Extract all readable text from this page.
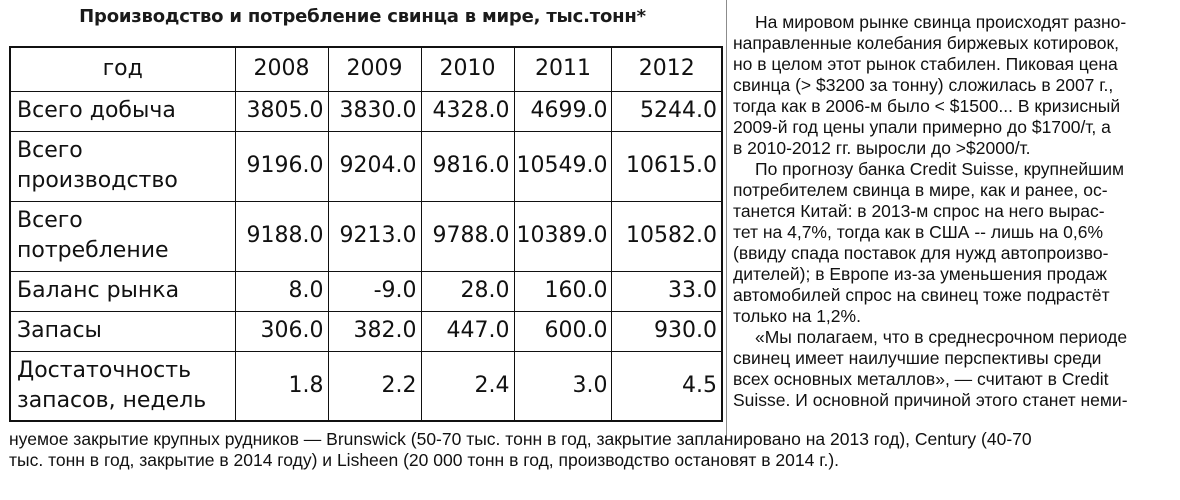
Производство и потребление свинца в мире, тыс.тонн*
год	2008	2009	2010	2011	2012

Всего добыча	3805.0	3830.0	4328.0	4699.0	5244.0

Всего
производство	9196.0	9204.0	9816.0	10549.0	10615.0

Всего
потребление	9188.0	9213.0	9788.0	10389.0	10582.0

Баланс рынка	8.0	-9.0	28.0	160.0	33.0

Запасы	306.0	382.0	447.0	600.0	930.0

Достаточность
запасов, недель	1.8	2.2	2.4	3.0	4.5
На мировом рынке свинца происходят разно-
направленные колебания биржевых котировок,
но в целом этот рынок стабилен. Пиковая цена
свинца (> $3200 за тонну) сложилась в 2007 г.,
тогда как в 2006-м было < $1500... В кризисный
2009-й год цены упали примерно до $1700/т, а
в 2010-2012 гг. выросли до >$2000/т.
По прогнозу банка Credit Suisse, крупнейшим
потребителем свинца в мире, как и ранее, ос-
танется Китай: в 2013-м спрос на него вырас-
тет на 4,7%, тогда как в США -- лишь на 0,6%
(ввиду спада поставок для нужд автопроизво-
дителей); в Европе из-за уменьшения продаж
автомобилей спрос на свинец тоже подрастёт
только на 1,2%.
«Мы полагаем, что в среднесрочном периоде
свинец имеет наилучшие перспективы среди
всех основных металлов», — считают в Credit
Suisse. И основной причиной этого станет неми-
нуемое закрытие крупных рудников — Brunswick (50-70 тыс. тонн в год, закрытие запланировано на 2013 год), Century (40-70
тыс. тонн в год, закрытие в 2014 году) и Lisheen (20 000 тонн в год, производство остановят в 2014 г.).
